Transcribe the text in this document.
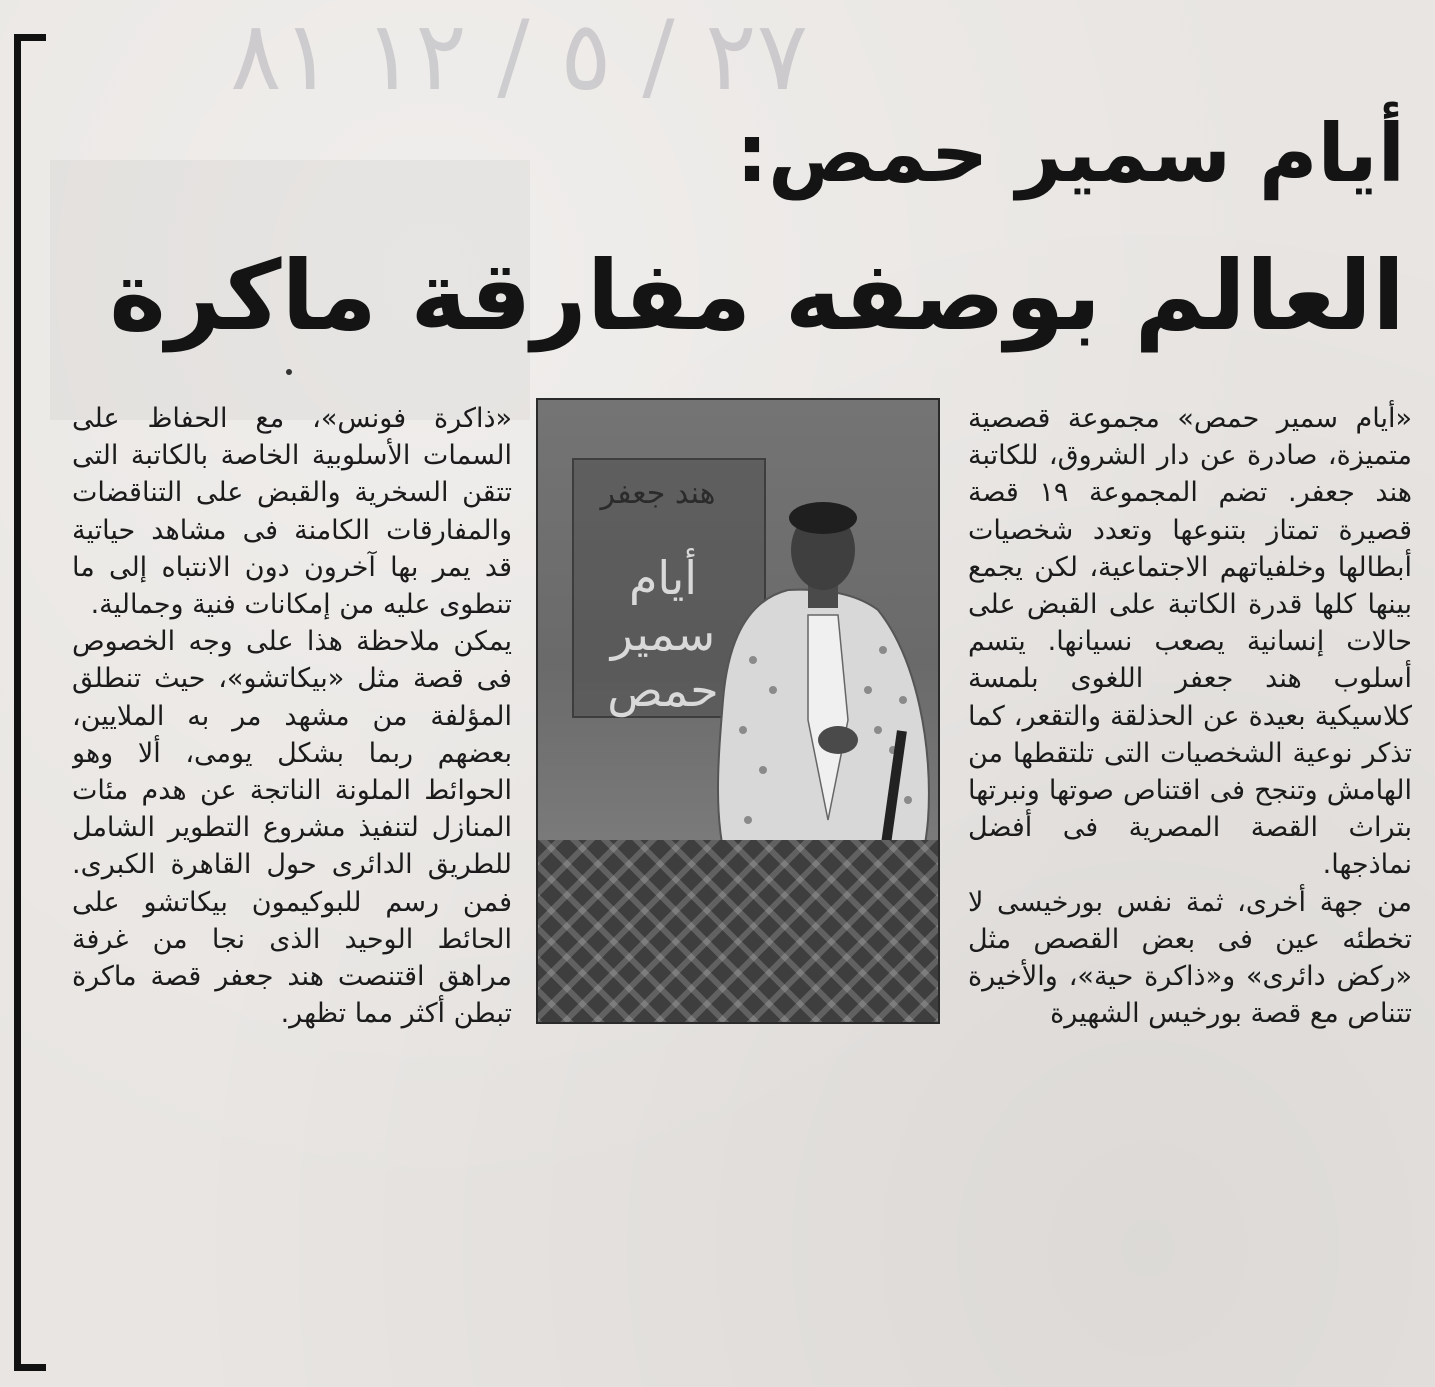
٢٧ / ٥ / ١٢ ٨١
أيام سمير حمص:
العالم بوصفه مفارقة ماكرة

«أيام سمير حمص» مجموعة قصصية متميزة، صادرة عن دار الشروق، للكاتبة هند جعفر. تضم المجموعة ١٩ قصة قصيرة تمتاز بتنوعها وتعدد شخصيات أبطالها وخلفياتهم الاجتماعية، لكن يجمع بينها كلها قدرة الكاتبة على القبض على حالات إنسانية يصعب نسيانها. يتسم أسلوب هند جعفر اللغوى بلمسة كلاسيكية بعيدة عن الحذلقة والتقعر، كما تذكر نوعية الشخصيات التى تلتقطها من الهامش وتنجح فى اقتناص صوتها ونبرتها بتراث القصة المصرية فى أفضل نماذجها.

من جهة أخرى، ثمة نفس بورخيسى لا تخطئه عين فى بعض القصص مثل «ركض دائرى» و«ذاكرة حية»، والأخيرة تتناص مع قصة بورخيس الشهيرة

هند جعفر
أيام
سمير
حمص

«ذاكرة فونس»، مع الحفاظ على السمات الأسلوبية الخاصة بالكاتبة التى تتقن السخرية والقبض على التناقضات والمفارقات الكامنة فى مشاهد حياتية قد يمر بها آخرون دون الانتباه إلى ما تنطوى عليه من إمكانات فنية وجمالية.

يمكن ملاحظة هذا على وجه الخصوص فى قصة مثل «بيكاتشو»، حيث تنطلق المؤلفة من مشهد مر به الملايين، بعضهم ربما بشكل يومى، ألا وهو الحوائط الملونة الناتجة عن هدم مئات المنازل لتنفيذ مشروع التطوير الشامل للطريق الدائرى حول القاهرة الكبرى. فمن رسم للبوكيمون بيكاتشو على الحائط الوحيد الذى نجا من غرفة مراهق اقتنصت هند جعفر قصة ماكرة تبطن أكثر مما تظهر.
